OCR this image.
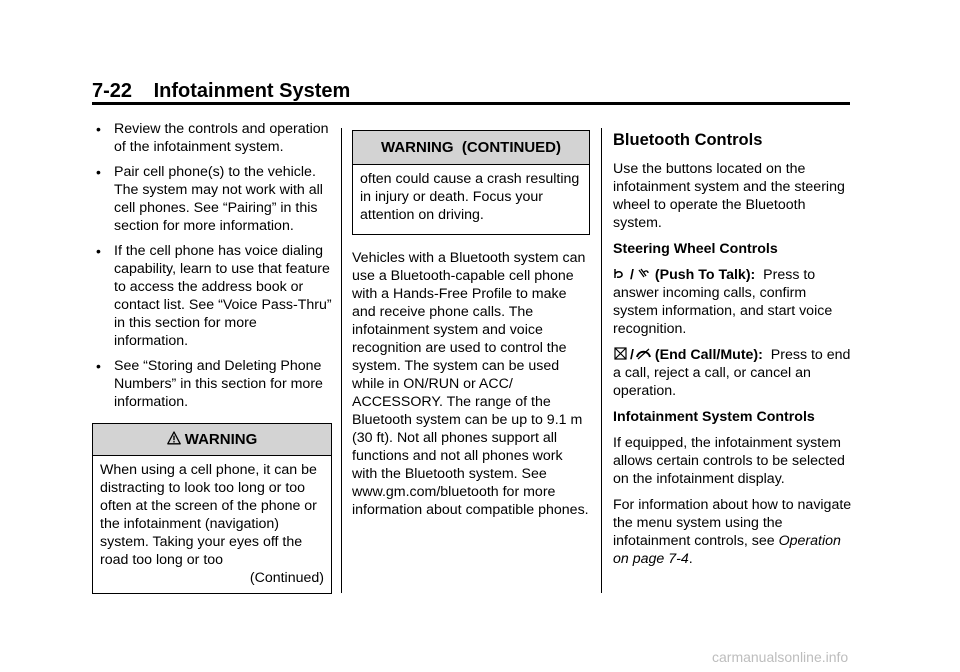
7-22 Infotainment System
• Review the controls and operation of the infotainment system.
• Pair cell phone(s) to the vehicle. The system may not work with all cell phones. See “Pairing” in this section for more information.
• If the cell phone has voice dialing capability, learn to use that feature to access the address book or contact list. See “Voice Pass-Thru” in this section for more information.
• See “Storing and Deleting Phone Numbers” in this section for more information.
WARNING
When using a cell phone, it can be distracting to look too long or too often at the screen of the phone or the infotainment (navigation) system. Taking your eyes off the road too long or too
(Continued)
WARNING  (CONTINUED)
often could cause a crash resulting in injury or death. Focus your attention on driving.

Vehicles with a Bluetooth system can use a Bluetooth-capable cell phone with a Hands-Free Profile to make and receive phone calls. The infotainment system and voice recognition are used to control the system. The system can be used while in ON/RUN or ACC/ ACCESSORY. The range of the Bluetooth system can be up to 9.1 m (30 ft). Not all phones support all functions and not all phones work with the Bluetooth system. See www.gm.com/bluetooth for more information about compatible phones.

Bluetooth Controls

Use the buttons located on the infotainment system and the steering wheel to operate the Bluetooth system.

Steering Wheel Controls

/ (Push To Talk): Press to answer incoming calls, confirm system information, and start voice recognition.

/ (End Call/Mute): Press to end a call, reject a call, or cancel an operation.

Infotainment System Controls

If equipped, the infotainment system allows certain controls to be selected on the infotainment display.

For information about how to navigate the menu system using the infotainment controls, see Operation on page 7-4.

carmanualsonline.info
